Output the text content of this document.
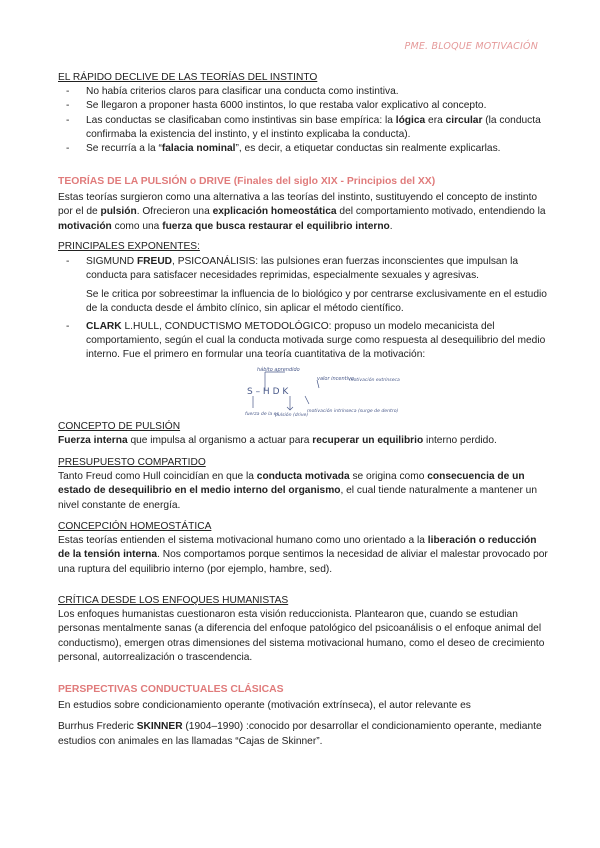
PME. BLOQUE MOTIVACIÓN
EL RÁPIDO DECLIVE DE LAS TEORÍAS DEL INSTINTO
- No había criterios claros para clasificar una conducta como instintiva.
- Se llegaron a proponer hasta 6000 instintos, lo que restaba valor explicativo al concepto.
- Las conductas se clasificaban como instintivas sin base empírica: la lógica era circular (la conducta confirmaba la existencia del instinto, y el instinto explicaba la conducta).
- Se recurría a la “falacia nominal”, es decir, a etiquetar conductas sin realmente explicarlas.
TEORÍAS DE LA PULSIÓN o DRIVE (Finales del siglo XIX - Principios del XX)

Estas teorías surgieron como una alternativa a las teorías del instinto, sustituyendo el concepto de instinto por el de pulsión. Ofrecieron una explicación homeostática del comportamiento motivado, entendiendo la motivación como una fuerza que busca restaurar el equilibrio interno.

PRINCIPALES EXPONENTES:
- SIGMUND FREUD, PSICOANÁLISIS: las pulsiones eran fuerzas inconscientes que impulsan la conducta para satisfacer necesidades reprimidas, especialmente sexuales y agresivas.

Se le critica por sobreestimar la influencia de lo biológico y por centrarse exclusivamente en el estudio de la conducta desde el ámbito clínico, sin aplicar el método científico.

- CLARK L.HULL, CONDUCTISMO METODOLÓGICO: propuso un modelo mecanicista del comportamiento, según el cual la conducta motivada surge como respuesta al desequilibrio del medio interno. Fue el primero en formular una teoría cuantitativa de la motivación:
hábito aprendido
valor incentivo
motivación extrínseca
S – H D K
fuerza de la es
pulsión (drive)
motivación intrínseca (surge de dentro)
CONCEPTO DE PULSIÓN

Fuerza interna que impulsa al organismo a actuar para recuperar un equilibrio interno perdido.

PRESUPUESTO COMPARTIDO

Tanto Freud como Hull coincidían en que la conducta motivada se origina como consecuencia de un estado de desequilibrio en el medio interno del organismo, el cual tiende naturalmente a mantener un nivel constante de energía.

CONCEPCIÓN HOMEOSTÁTICA

Estas teorías entienden el sistema motivacional humano como uno orientado a la liberación o reducción de la tensión interna. Nos comportamos porque sentimos la necesidad de aliviar el malestar provocado por una ruptura del equilibrio interno (por ejemplo, hambre, sed).

CRÍTICA DESDE LOS ENFOQUES HUMANISTAS

Los enfoques humanistas cuestionaron esta visión reduccionista. Plantearon que, cuando se estudian personas mentalmente sanas (a diferencia del enfoque patológico del psicoanálisis o el enfoque animal del conductismo), emergen otras dimensiones del sistema motivacional humano, como el deseo de crecimiento personal, autorrealización o trascendencia.

PERSPECTIVAS CONDUCTUALES CLÁSICAS

En estudios sobre condicionamiento operante (motivación extrínseca), el autor relevante es

Burrhus Frederic SKINNER (1904–1990) :conocido por desarrollar el condicionamiento operante, mediante estudios con animales en las llamadas “Cajas de Skinner”.
